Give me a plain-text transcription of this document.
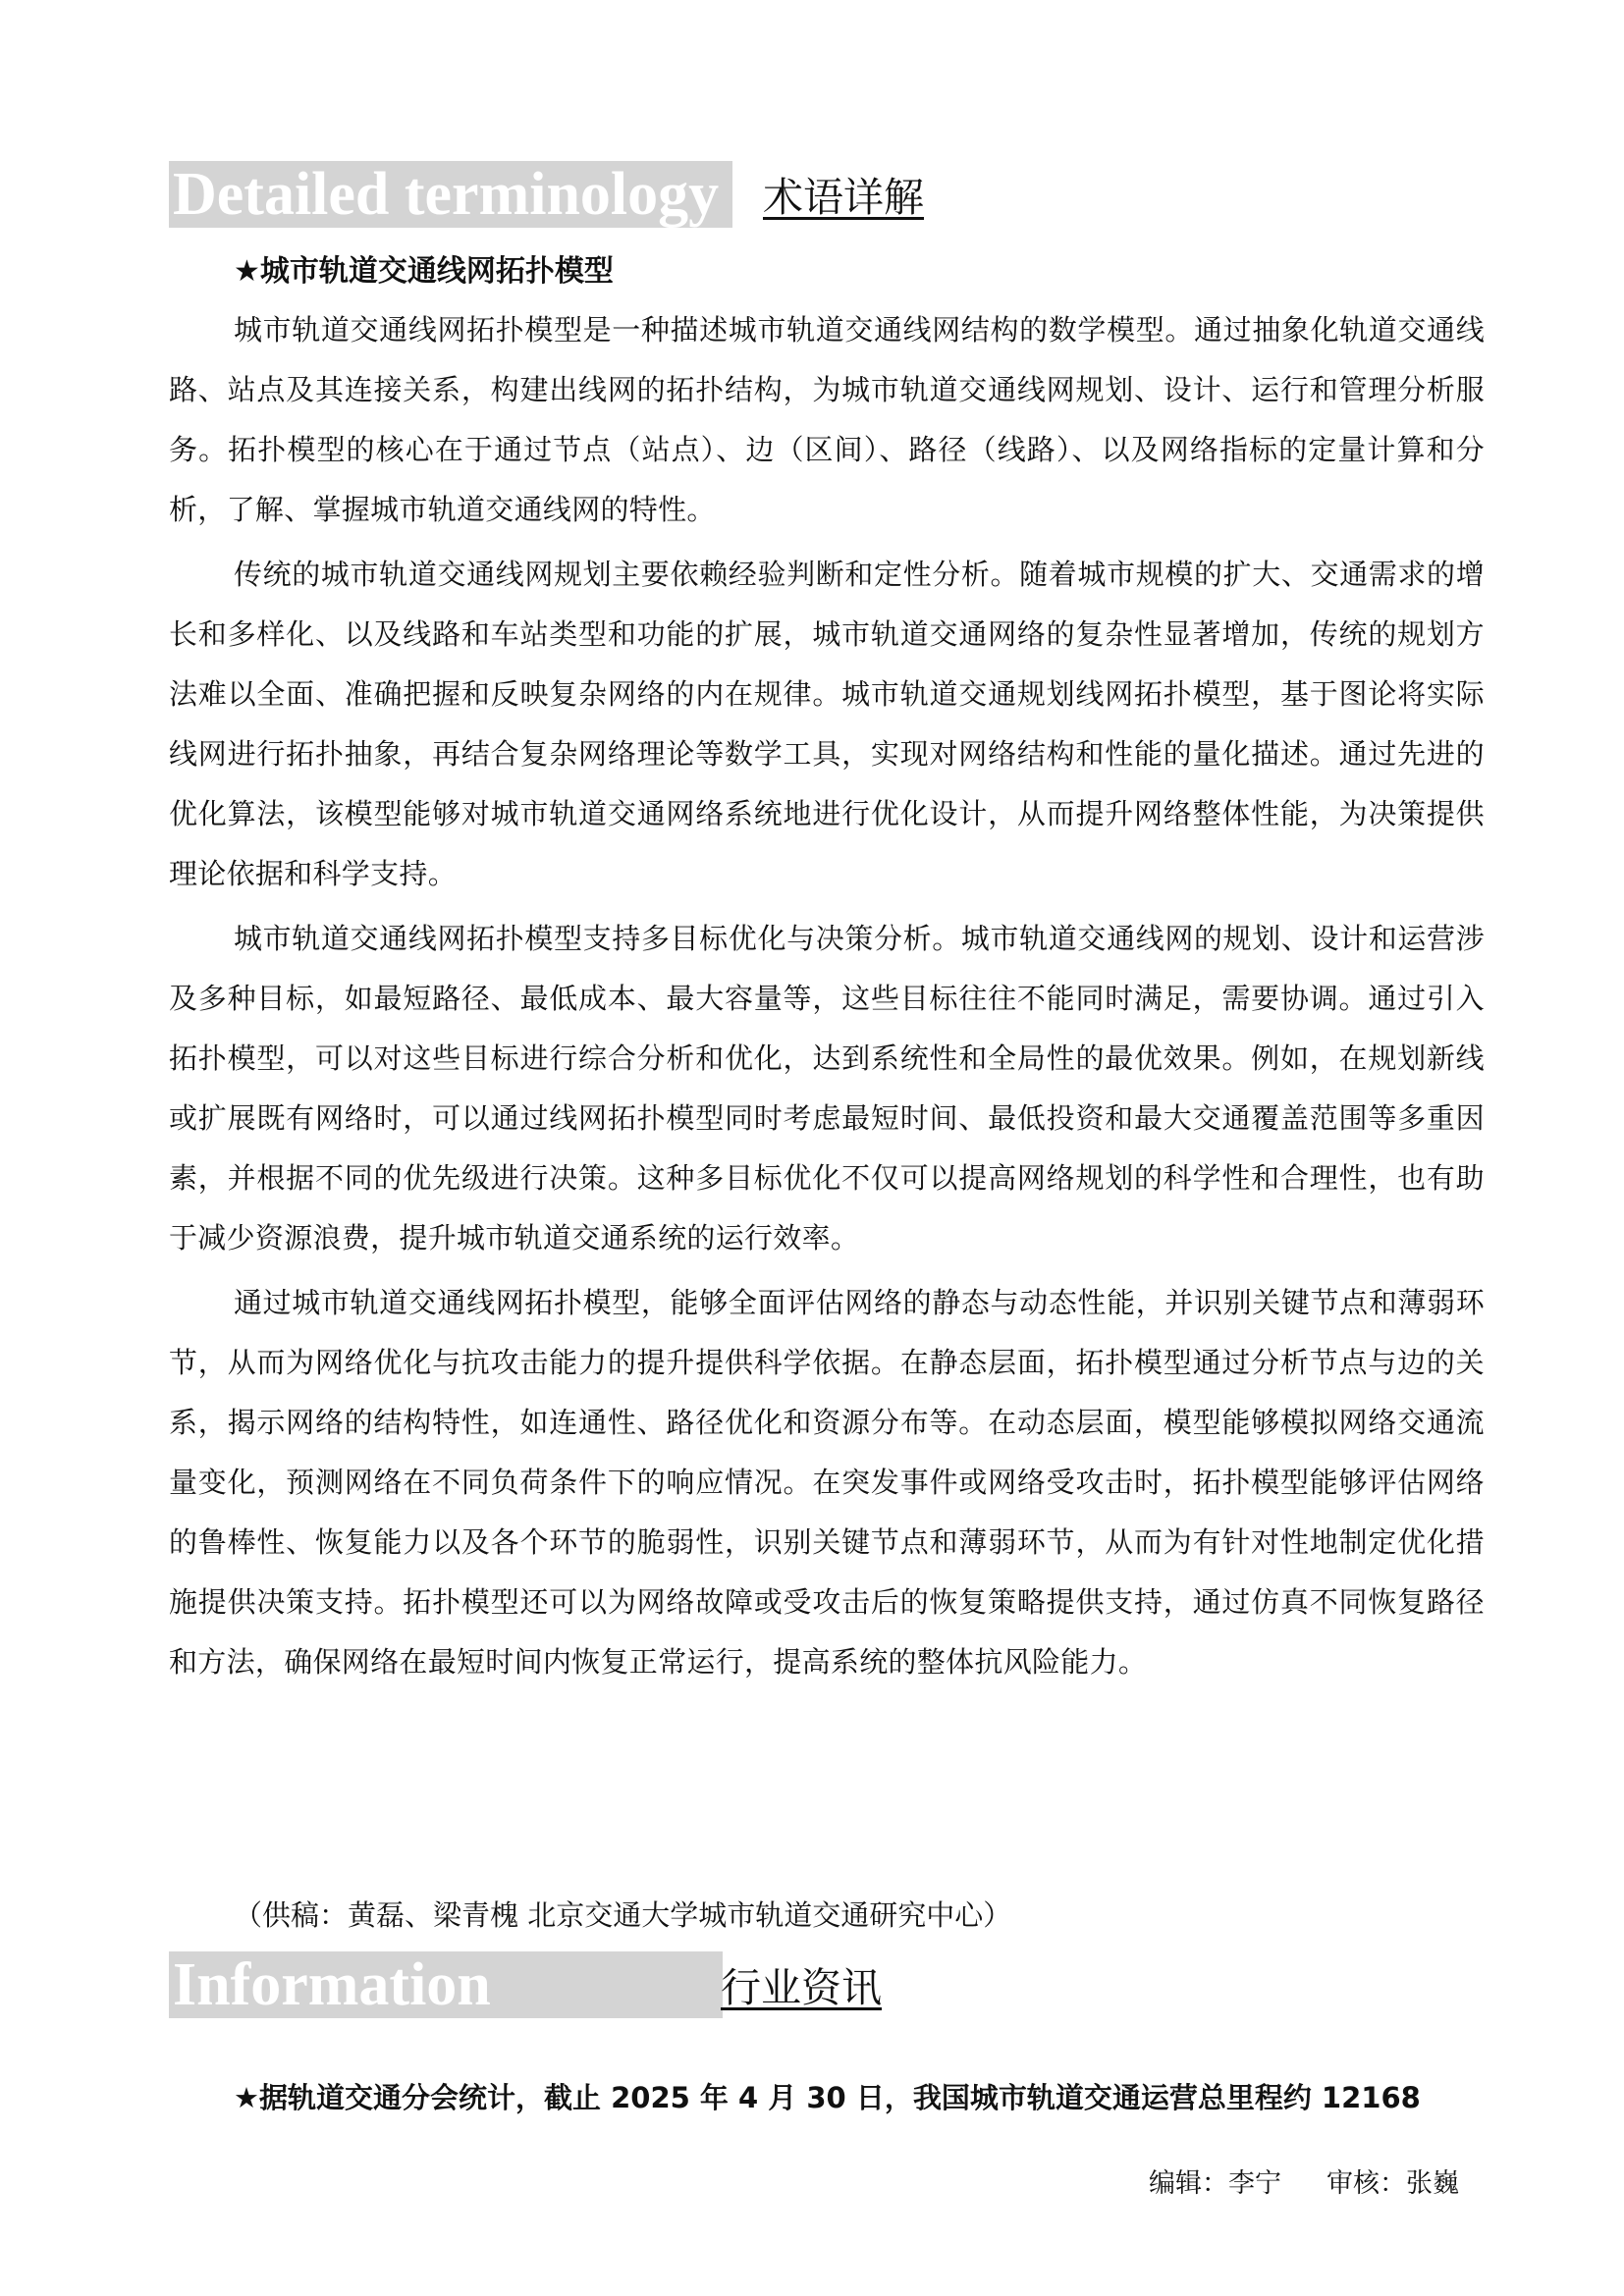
Detailed terminology 术语详解
★城市轨道交通线网拓扑模型

城市轨道交通线网拓扑模型是一种描述城市轨道交通线网结构的数学模型。通过抽象化轨道交通线路、站点及其连接关系，构建出线网的拓扑结构，为城市轨道交通线网规划、设计、运行和管理分析服务。拓扑模型的核心在于通过节点（站点）、边（区间）、路径（线路）、以及网络指标的定量计算和分析，了解、掌握城市轨道交通线网的特性。

传统的城市轨道交通线网规划主要依赖经验判断和定性分析。随着城市规模的扩大、交通需求的增长和多样化、以及线路和车站类型和功能的扩展，城市轨道交通网络的复杂性显著增加，传统的规划方法难以全面、准确把握和反映复杂网络的内在规律。城市轨道交通规划线网拓扑模型，基于图论将实际线网进行拓扑抽象，再结合复杂网络理论等数学工具，实现对网络结构和性能的量化描述。通过先进的优化算法，该模型能够对城市轨道交通网络系统地进行优化设计，从而提升网络整体性能，为决策提供理论依据和科学支持。

城市轨道交通线网拓扑模型支持多目标优化与决策分析。城市轨道交通线网的规划、设计和运营涉及多种目标，如最短路径、最低成本、最大容量等，这些目标往往不能同时满足，需要协调。通过引入拓扑模型，可以对这些目标进行综合分析和优化，达到系统性和全局性的最优效果。例如，在规划新线或扩展既有网络时，可以通过线网拓扑模型同时考虑最短时间、最低投资和最大交通覆盖范围等多重因素，并根据不同的优先级进行决策。这种多目标优化不仅可以提高网络规划的科学性和合理性，也有助于减少资源浪费，提升城市轨道交通系统的运行效率。

通过城市轨道交通线网拓扑模型，能够全面评估网络的静态与动态性能，并识别关键节点和薄弱环节，从而为网络优化与抗攻击能力的提升提供科学依据。在静态层面，拓扑模型通过分析节点与边的关系，揭示网络的结构特性，如连通性、路径优化和资源分布等。在动态层面，模型能够模拟网络交通流量变化，预测网络在不同负荷条件下的响应情况。在突发事件或网络受攻击时，拓扑模型能够评估网络的鲁棒性、恢复能力以及各个环节的脆弱性，识别关键节点和薄弱环节，从而为有针对性地制定优化措施提供决策支持。拓扑模型还可以为网络故障或受攻击后的恢复策略提供支持，通过仿真不同恢复路径和方法，确保网络在最短时间内恢复正常运行，提高系统的整体抗风险能力。

（供稿：黄磊、梁青槐 北京交通大学城市轨道交通研究中心）
Information	行业资讯
★据轨道交通分会统计，截止 2025 年 4 月 30 日，我国城市轨道交通运营总里程约 12168
编辑：李宁 审核：张巍
